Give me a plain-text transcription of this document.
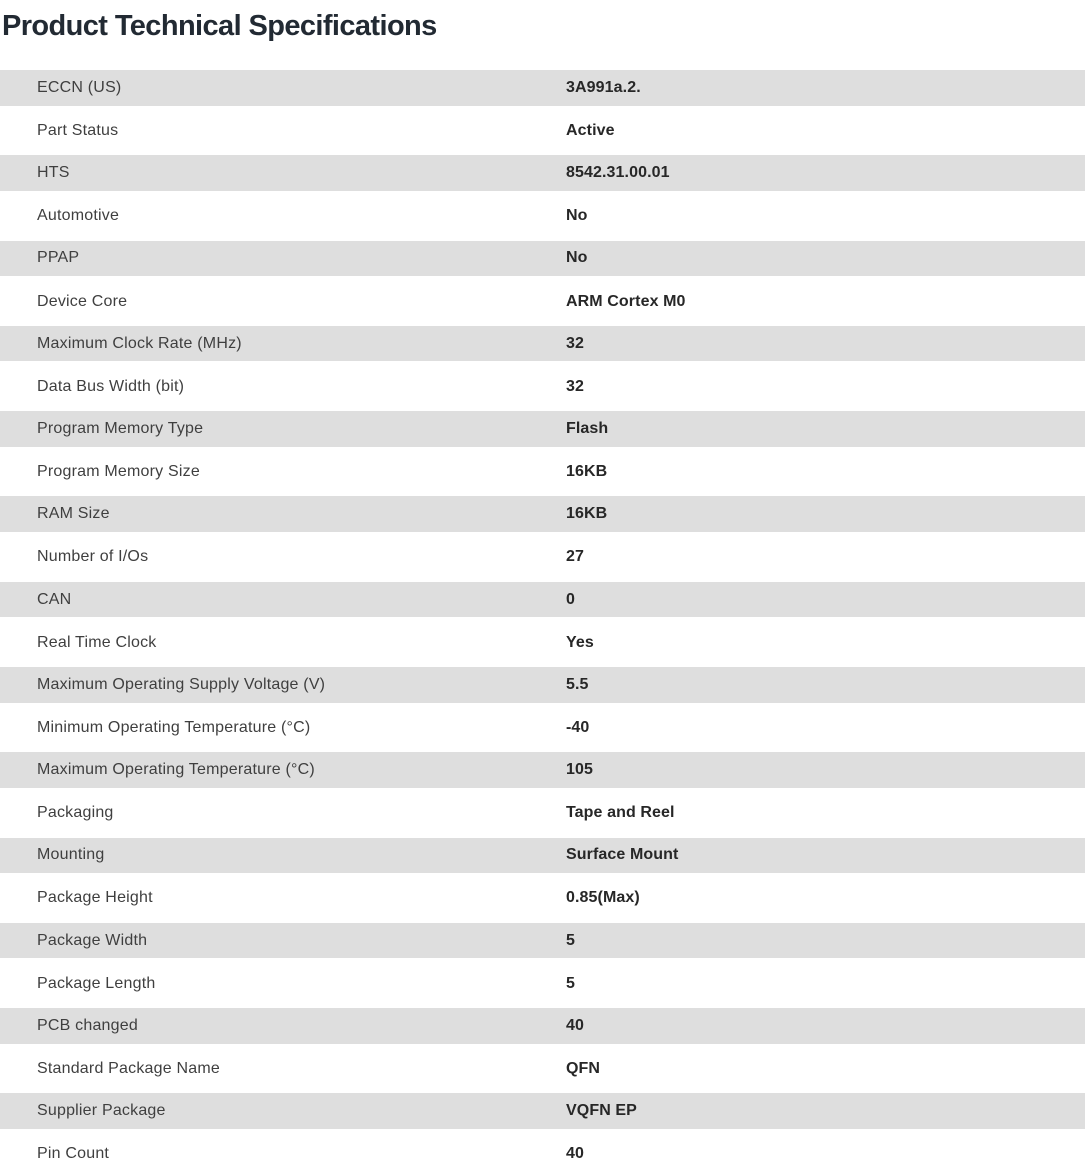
Product Technical Specifications
ECCN (US)	3A991a.2.
Part Status	Active
HTS	8542.31.00.01
Automotive	No
PPAP	No
Device Core	ARM Cortex M0
Maximum Clock Rate (MHz)	32
Data Bus Width (bit)	32
Program Memory Type	Flash
Program Memory Size	16KB
RAM Size	16KB
Number of I/Os	27
CAN	0
Real Time Clock	Yes
Maximum Operating Supply Voltage (V)	5.5
Minimum Operating Temperature (°C)	-40
Maximum Operating Temperature (°C)	105
Packaging	Tape and Reel
Mounting	Surface Mount
Package Height	0.85(Max)
Package Width	5
Package Length	5
PCB changed	40
Standard Package Name	QFN
Supplier Package	VQFN EP
Pin Count	40
